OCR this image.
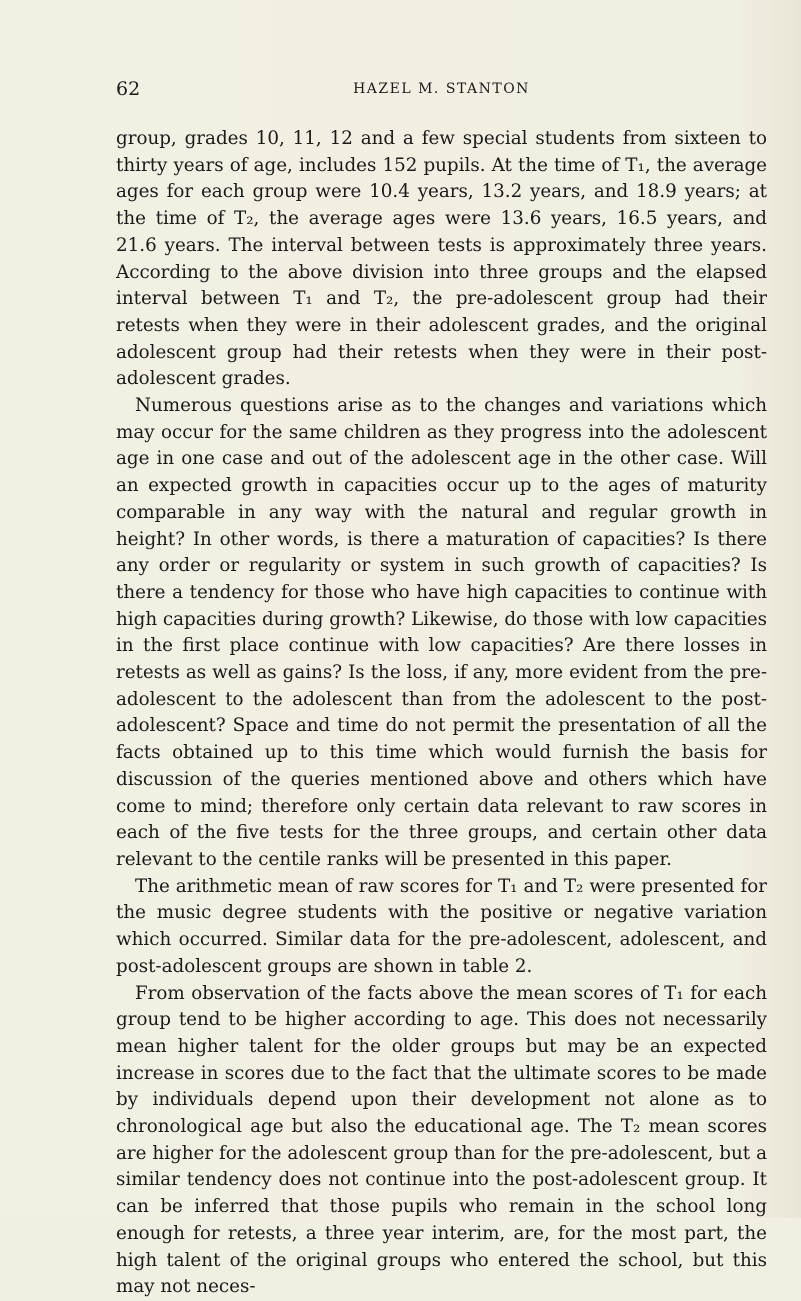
62	HAZEL M. STANTON

group, grades 10, 11, 12 and a few special students from sixteen to thirty years of age, includes 152 pupils. At the time of T₁, the average ages for each group were 10.4 years, 13.2 years, and 18.9 years; at the time of T₂, the average ages were 13.6 years, 16.5 years, and 21.6 years. The interval between tests is approximately three years. According to the above division into three groups and the elapsed interval between T₁ and T₂, the pre-adolescent group had their retests when they were in their adolescent grades, and the original adolescent group had their retests when they were in their post-adolescent grades.

Numerous questions arise as to the changes and variations which may occur for the same children as they progress into the adolescent age in one case and out of the adolescent age in the other case. Will an expected growth in capacities occur up to the ages of maturity comparable in any way with the natural and regular growth in height? In other words, is there a maturation of capacities? Is there any order or regularity or system in such growth of capacities? Is there a tendency for those who have high capacities to continue with high capacities during growth? Likewise, do those with low capacities in the first place continue with low capacities? Are there losses in retests as well as gains? Is the loss, if any, more evident from the pre-adolescent to the adolescent than from the adolescent to the post-adolescent? Space and time do not permit the presentation of all the facts obtained up to this time which would furnish the basis for discussion of the queries mentioned above and others which have come to mind; therefore only certain data relevant to raw scores in each of the five tests for the three groups, and certain other data relevant to the centile ranks will be presented in this paper.

The arithmetic mean of raw scores for T₁ and T₂ were presented for the music degree students with the positive or negative variation which occurred. Similar data for the pre-adolescent, adolescent, and post-adolescent groups are shown in table 2.

From observation of the facts above the mean scores of T₁ for each group tend to be higher according to age. This does not necessarily mean higher talent for the older groups but may be an expected increase in scores due to the fact that the ultimate scores to be made by individuals depend upon their development not alone as to chronological age but also the educational age. The T₂ mean scores are higher for the adolescent group than for the pre-adolescent, but a similar tendency does not continue into the post-adolescent group. It can be inferred that those pupils who remain in the school long enough for retests, a three year interim, are, for the most part, the high talent of the original groups who entered the school, but this may not neces-
